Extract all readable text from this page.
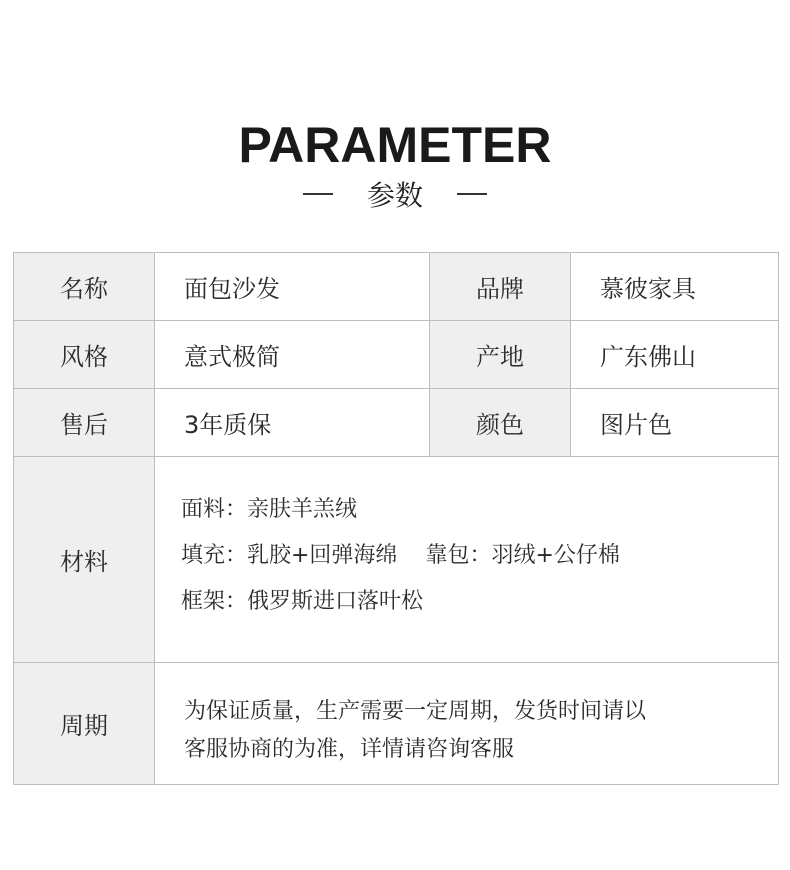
PARAMETER
参数
名称	面包沙发	品牌	慕彼家具
风格	意式极简	产地	广东佛山
售后	3年质保	颜色	图片色
材料	面料：亲肤羊羔绒
填充：乳胶+回弹海绵 靠包：羽绒+公仔棉
框架：俄罗斯进口落叶松		

周期	为保证质量，生产需要一定周期，发货时间请以
客服协商的为准，详情请咨询客服		
